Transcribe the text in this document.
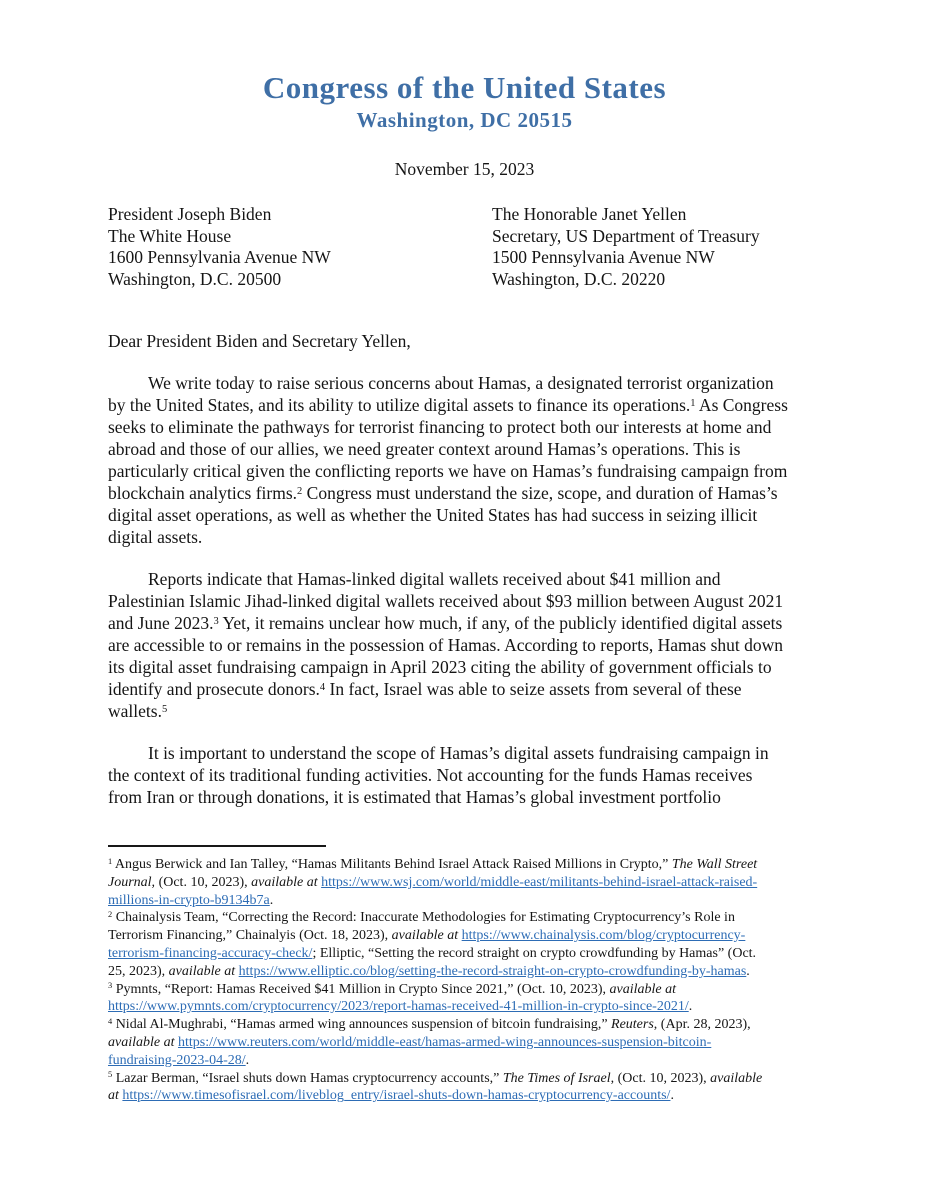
Congress of the United States
Washington, DC 20515
November 15, 2023
President Joseph Biden
The White House
1600 Pennsylvania Avenue NW
Washington, D.C. 20500
The Honorable Janet Yellen
Secretary, US Department of Treasury
1500 Pennsylvania Avenue NW
Washington, D.C. 20220
Dear President Biden and Secretary Yellen,
We write today to raise serious concerns about Hamas, a designated terrorist organization
by the United States, and its ability to utilize digital assets to finance its operations.$^1$ As Congress
seeks to eliminate the pathways for terrorist financing to protect both our interests at home and
abroad and those of our allies, we need greater context around Hamas’s operations. This is
particularly critical given the conflicting reports we have on Hamas’s fundraising campaign from
blockchain analytics firms.$^2$ Congress must understand the size, scope, and duration of Hamas’s
digital asset operations, as well as whether the United States has had success in seizing illicit
digital assets.
Reports indicate that Hamas-linked digital wallets received about $41 million and
Palestinian Islamic Jihad-linked digital wallets received about $93 million between August 2021
and June 2023.$^3$ Yet, it remains unclear how much, if any, of the publicly identified digital assets
are accessible to or remains in the possession of Hamas. According to reports, Hamas shut down
its digital asset fundraising campaign in April 2023 citing the ability of government officials to
identify and prosecute donors.$^4$ In fact, Israel was able to seize assets from several of these
wallets.$^5$
It is important to understand the scope of Hamas’s digital assets fundraising campaign in
the context of its traditional funding activities. Not accounting for the funds Hamas receives
from Iran or through donations, it is estimated that Hamas’s global investment portfolio
$^1$ Angus Berwick and Ian Talley, “Hamas Militants Behind Israel Attack Raised Millions in Crypto,” The Wall Street
Journal, (Oct. 10, 2023), available at https://www.wsj.com/world/middle-east/militants-behind-israel-attack-raised-
millions-in-crypto-b9134b7a.
$^2$ Chainalysis Team, “Correcting the Record: Inaccurate Methodologies for Estimating Cryptocurrency’s Role in
Terrorism Financing,” Chainalyis (Oct. 18, 2023), available at https://www.chainalysis.com/blog/cryptocurrency-
terrorism-financing-accuracy-check/; Elliptic, “Setting the record straight on crypto crowdfunding by Hamas” (Oct.
25, 2023), available at https://www.elliptic.co/blog/setting-the-record-straight-on-crypto-crowdfunding-by-hamas.
$^3$ Pymnts, “Report: Hamas Received $41 Million in Crypto Since 2021,” (Oct. 10, 2023), available at
https://www.pymnts.com/cryptocurrency/2023/report-hamas-received-41-million-in-crypto-since-2021/.
$^4$ Nidal Al-Mughrabi, “Hamas armed wing announces suspension of bitcoin fundraising,” Reuters, (Apr. 28, 2023),
available at https://www.reuters.com/world/middle-east/hamas-armed-wing-announces-suspension-bitcoin-
fundraising-2023-04-28/.
$^5$ Lazar Berman, “Israel shuts down Hamas cryptocurrency accounts,” The Times of Israel, (Oct. 10, 2023), available
at https://www.timesofisrael.com/liveblog_entry/israel-shuts-down-hamas-cryptocurrency-accounts/.
